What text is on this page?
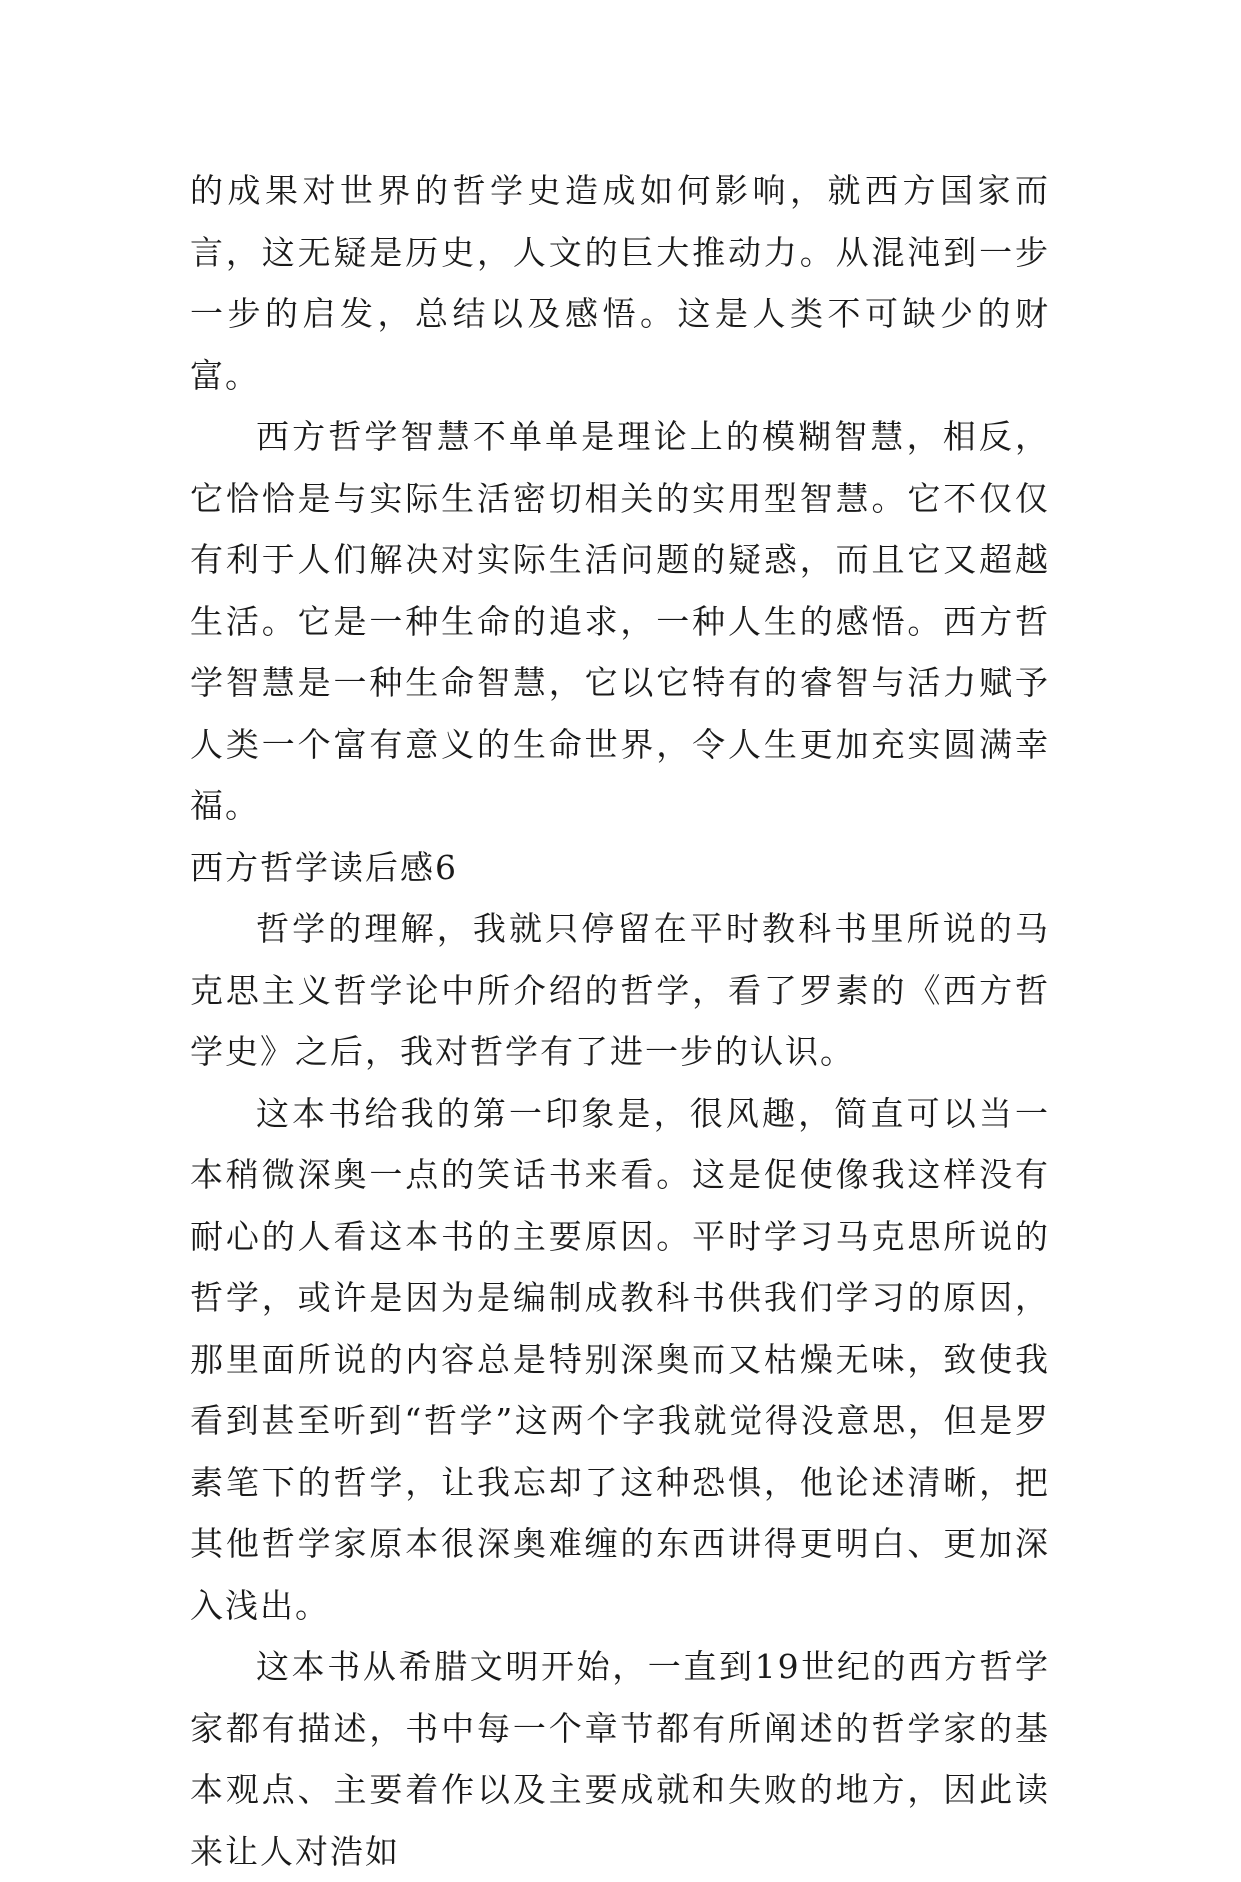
的成果对世界的哲学史造成如何影响，就西方国家而言，这无疑是历史，人文的巨大推动力。从混沌到一步一步的启发，总结以及感悟。这是人类不可缺少的财富。

西方哲学智慧不单单是理论上的模糊智慧，相反，它恰恰是与实际生活密切相关的实用型智慧。它不仅仅有利于人们解决对实际生活问题的疑惑，而且它又超越生活。它是一种生命的追求，一种人生的感悟。西方哲学智慧是一种生命智慧，它以它特有的睿智与活力赋予人类一个富有意义的生命世界，令人生更加充实圆满幸福。

西方哲学读后感6

哲学的理解，我就只停留在平时教科书里所说的马克思主义哲学论中所介绍的哲学，看了罗素的《西方哲学史》之后，我对哲学有了进一步的认识。

这本书给我的第一印象是，很风趣，简直可以当一本稍微深奥一点的笑话书来看。这是促使像我这样没有耐心的人看这本书的主要原因。平时学习马克思所说的哲学，或许是因为是编制成教科书供我们学习的原因，那里面所说的内容总是特别深奥而又枯燥无味，致使我看到甚至听到“哲学”这两个字我就觉得没意思，但是罗素笔下的哲学，让我忘却了这种恐惧，他论述清晰，把其他哲学家原本很深奥难缠的东西讲得更明白、更加深入浅出。

这本书从希腊文明开始，一直到19世纪的西方哲学家都有描述，书中每一个章节都有所阐述的哲学家的基本观点、主要着作以及主要成就和失败的地方，因此读来让人对浩如
